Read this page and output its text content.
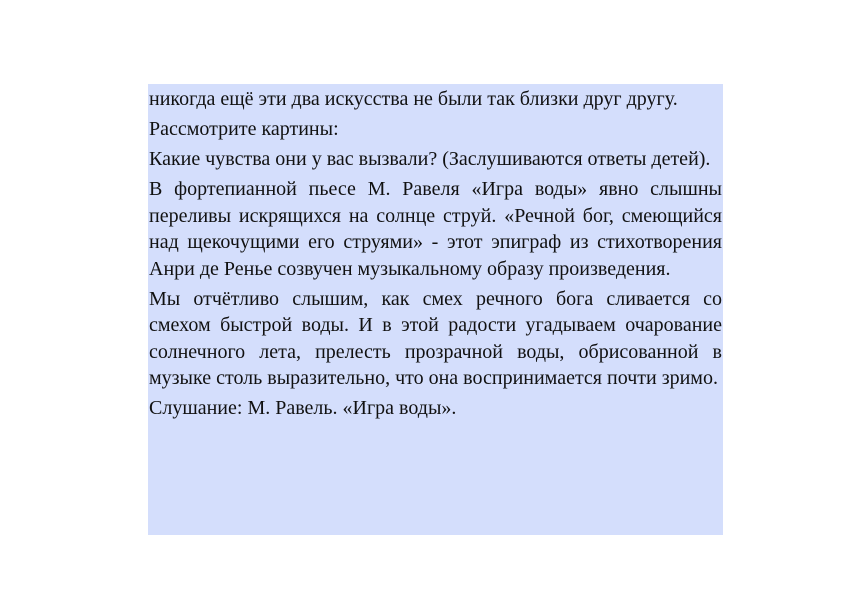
никогда ещё эти два искусства не были так близки друг другу.

Рассмотрите картины:

Какие чувства они у вас вызвали? (Заслушиваются ответы детей).

В фортепианной пьесе М. Равеля «Игра воды» явно слышны переливы искрящихся на солнце струй. «Речной бог, смеющийся над щекочущими его струями» - этот эпиграф из стихотворения Анри де Ренье созвучен музыкальному образу произведения.

Мы отчётливо слышим, как смех речного бога сливается со смехом быстрой воды. И в этой радости угадываем очарование солнечного лета, прелесть прозрачной воды, обрисованной в музыке столь выразительно, что она воспринимается почти зримо.

Слушание: М. Равель. «Игра воды».
